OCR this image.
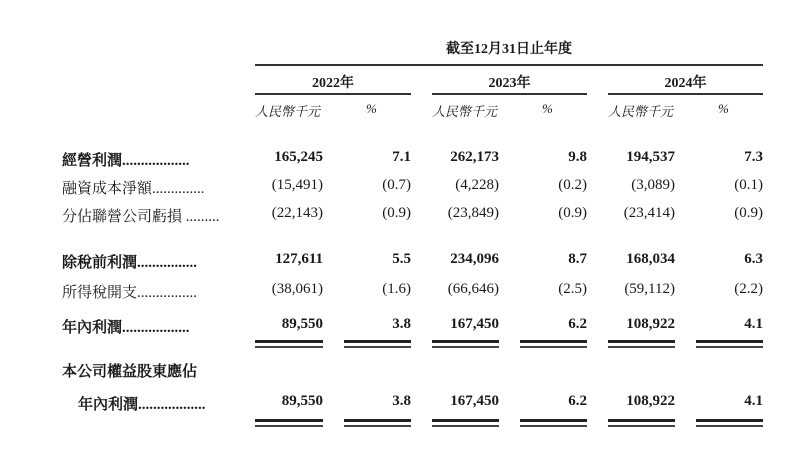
截至12月31日止年度
2022年
人民幣千元	%
2023年
人民幣千元	%
2024年
人民幣千元	%
經營利潤..................	165,245	7.1	262,173	9.8	194,537	7.3
融資成本淨額..............	(15,491)	(0.7)	(4,228)	(0.2)	(3,089)	(0.1)
分佔聯營公司虧損 .........	(22,143)	(0.9)	(23,849)	(0.9)	(23,414)	(0.9)
除稅前利潤................	127,611	5.5	234,096	8.7	168,034	6.3
所得稅開支................	(38,061)	(1.6)	(66,646)	(2.5)	(59,112)	(2.2)
年內利潤..................	89,550	3.8	167,450	6.2	108,922	4.1
本公司權益股東應佔
年內利潤..................	89,550	3.8	167,450	6.2	108,922	4.1
